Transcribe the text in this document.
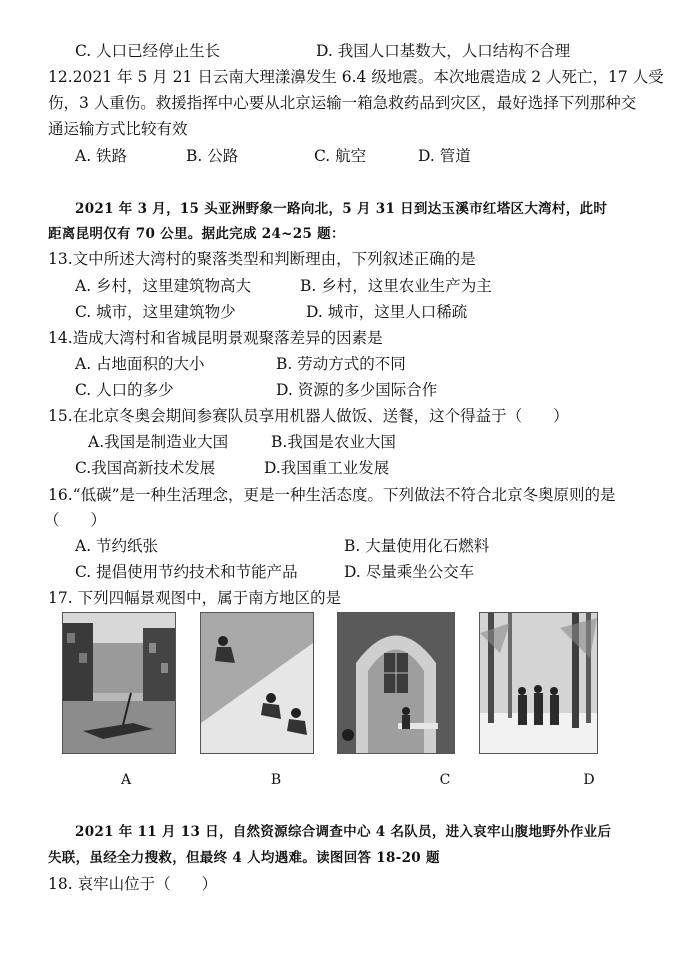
C. 人口已经停止生长	D. 我国人口基数大，人口结构不合理
12.2021 年 5 月 21 日云南大理漾濞发生 6.4 级地震。本次地震造成 2 人死亡，17 人受
伤，3 人重伤。救援指挥中心要从北京运输一箱急救药品到灾区，最好选择下列那种交
通运输方式比较有效
A. 铁路	B. 公路	C. 航空	D. 管道
2021 年 3 月，15 头亚洲野象一路向北，5 月 31 日到达玉溪市红塔区大湾村，此时
距离昆明仅有 70 公里。据此完成 24~25 题：
13.文中所述大湾村的聚落类型和判断理由，下列叙述正确的是
A. 乡村，这里建筑物高大	B. 乡村，这里农业生产为主
C. 城市，这里建筑物少	D. 城市，这里人口稀疏
14.造成大湾村和省城昆明景观聚落差异的因素是
A. 占地面积的大小	B. 劳动方式的不同
C. 人口的多少	D. 资源的多少国际合作
15.在北京冬奥会期间参赛队员享用机器人做饭、送餐，这个得益于（　　）
A.我国是制造业大国	B.我国是农业大国
C.我国高新技术发展	D.我国重工业发展
16.“低碳”是一种生活理念，更是一种生活态度。下列做法不符合北京冬奥原则的是
（　　）
A. 节约纸张	B. 大量使用化石燃料
C. 提倡使用节约技术和节能产品	D. 尽量乘坐公交车
17. 下列四幅景观图中，属于南方地区的是
A	B	C	D
2021 年 11 月 13 日，自然资源综合调查中心 4 名队员，进入哀牢山腹地野外作业后
失联，虽经全力搜救，但最终 4 人均遇难。读图回答 18-20 题
18. 哀牢山位于（　　）
